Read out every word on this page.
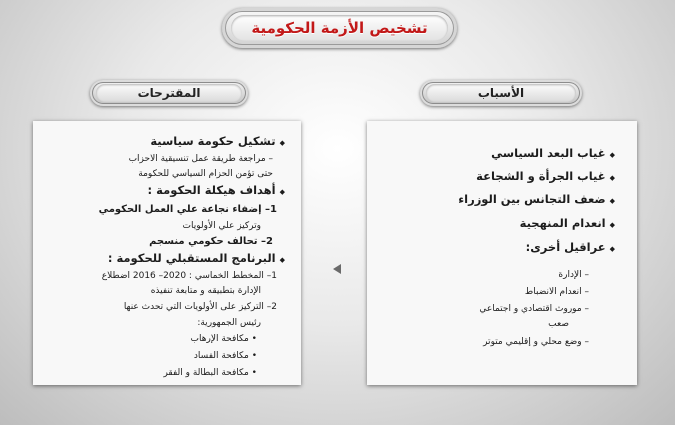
تشخيص الأزمة الحكومية
المقترحات	الأسباب
◆ تشكيل حكومة سياسية
– مراجعة طريقة عمل تنسيقية الاحزاب
حتى تؤمن الحزام السياسي للحكومة
◆ أهداف هيكلة الحكومة :
1– إضفاء نجاعة علي العمل الحكومي
وتركيز علي الأولويات
2– تحالف حكومي منسجم
◆ البرنامج المستقبلي للحكومة :
1– المخطط الخماسي : 2020– 2016 اضطلاع
الإدارة بتطبيقه و متابعة تنفيذه
2– التركيز على الأولويات التي تحدث عنها
رئيس الجمهورية:
• مكافحة الإرهاب
• مكافحة الفساد
• مكافحة البطالة و الفقر
◆ غياب البعد السياسي
◆ غياب الجرأة و الشجاعة
◆ ضعف التجانس بين الوزراء
◆ انعدام المنهجية
◆ عراقيل أخرى:
– الإدارة
– انعدام الانضباط
– موروث اقتصادي و اجتماعي
صعب
– وضع محلي و إقليمي متوتر
